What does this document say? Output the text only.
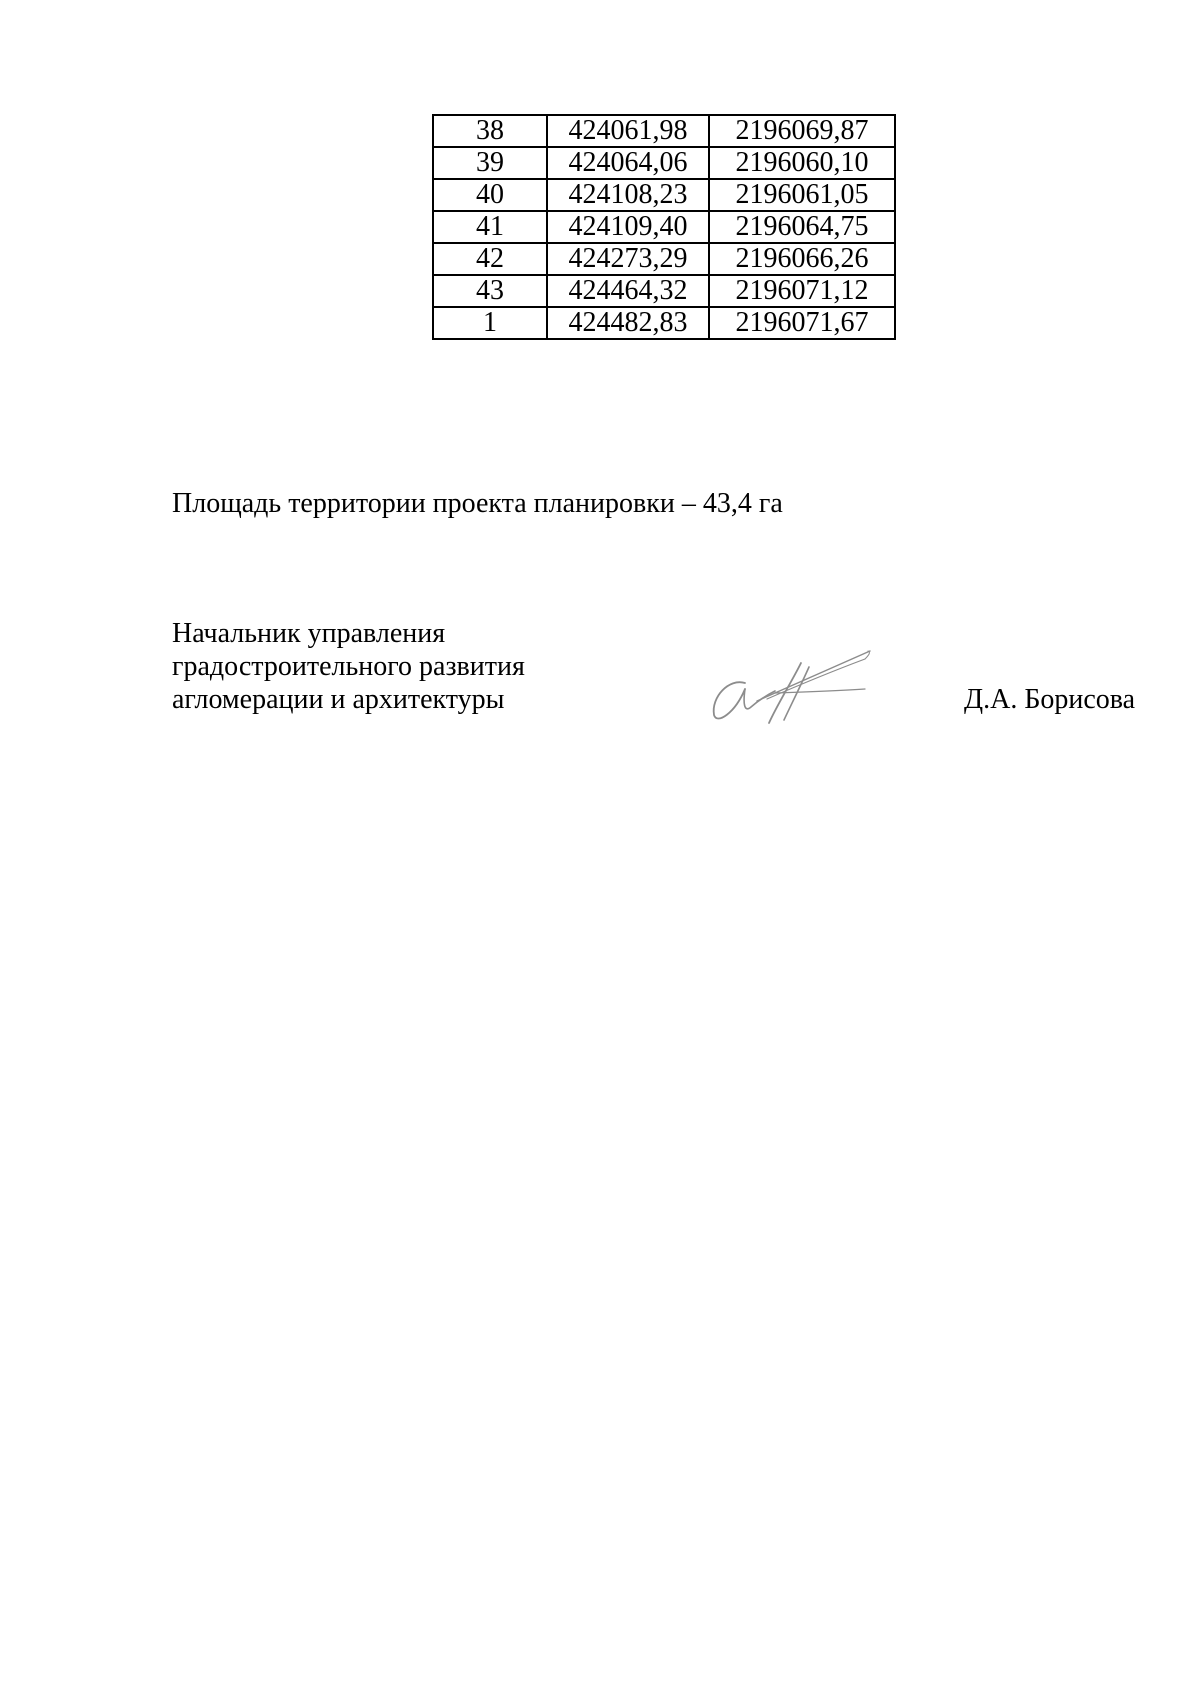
38	424061,98	2196069,87
39	424064,06	2196060,10
40	424108,23	2196061,05
41	424109,40	2196064,75
42	424273,29	2196066,26
43	424464,32	2196071,12
1	424482,83	2196071,67
Площадь территории проекта планировки – 43,4 га
Начальник управления
градостроительного развития
агломерации и архитектуры	Д.А. Борисова
